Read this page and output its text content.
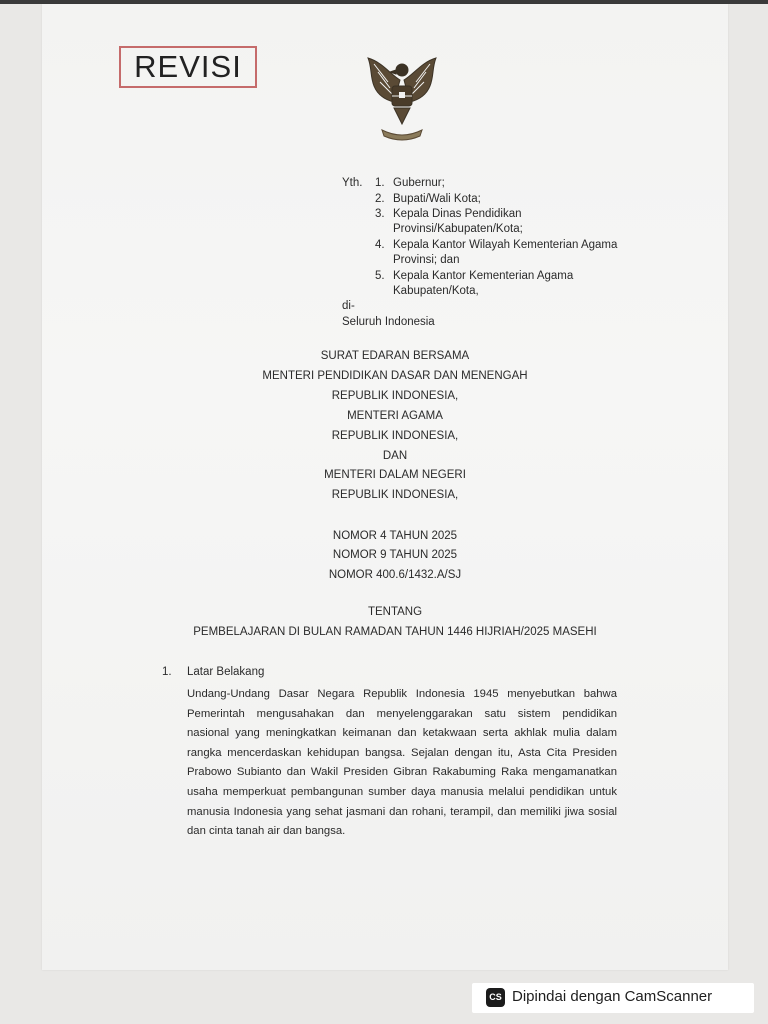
REVISI
Yth. 1. Gubernur;
2. Bupati/Wali Kota;
3. Kepala Dinas Pendidikan
Provinsi/Kabupaten/Kota;
4. Kepala Kantor Wilayah Kementerian Agama
Provinsi; dan
5. Kepala Kantor Kementerian Agama
Kabupaten/Kota,
di-
Seluruh Indonesia
SURAT EDARAN BERSAMA
MENTERI PENDIDIKAN DASAR DAN MENENGAH
REPUBLIK INDONESIA,
MENTERI AGAMA
REPUBLIK INDONESIA,
DAN
MENTERI DALAM NEGERI
REPUBLIK INDONESIA,
NOMOR 4 TAHUN 2025
NOMOR 9 TAHUN 2025
NOMOR 400.6/1432.A/SJ
TENTANG
PEMBELAJARAN DI BULAN RAMADAN TAHUN 1446 HIJRIAH/2025 MASEHI
1. Latar Belakang
Undang-Undang Dasar Negara Republik Indonesia 1945 menyebutkan bahwa
Pemerintah mengusahakan dan menyelenggarakan satu sistem pendidikan
nasional yang meningkatkan keimanan dan ketakwaan serta akhlak mulia dalam
rangka mencerdaskan kehidupan bangsa. Sejalan dengan itu, Asta Cita Presiden
Prabowo Subianto dan Wakil Presiden Gibran Rakabuming Raka mengamanatkan
usaha memperkuat pembangunan sumber daya manusia melalui pendidikan untuk
manusia Indonesia yang sehat jasmani dan rohani, terampil, dan memiliki jiwa sosial
dan cinta tanah air dan bangsa.
CS Dipindai dengan CamScanner
